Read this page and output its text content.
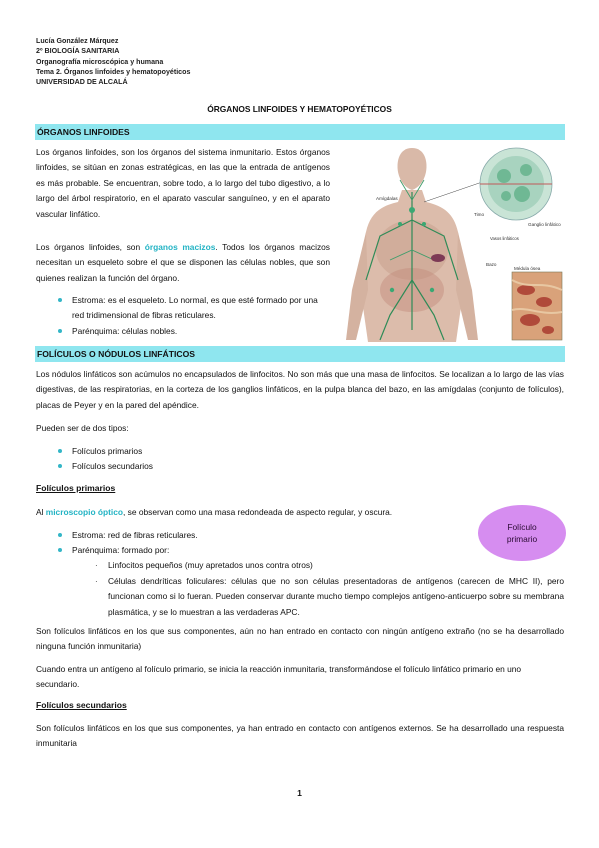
Lucía González Márquez
2º BIOLOGÍA SANITARIA
Organografía microscópica y humana
Tema 2. Órganos linfoides y hematopoyéticos
UNIVERSIDAD DE ALCALÁ
ÓRGANOS LINFOIDES Y HEMATOPOYÉTICOS
ÓRGANOS LINFOIDES
Los órganos linfoides, son los órganos del sistema inmunitario. Estos órganos linfoides, se sitúan en zonas estratégicas, en las que la entrada de antígenos es más probable. Se encuentran, sobre todo, a lo largo del tubo digestivo, a lo largo del árbol respiratorio, en el aparato vascular sanguíneo, y en el aparato vascular linfático.
Los órganos linfoides, son órganos macizos. Todos los órganos macizos necesitan un esqueleto sobre el que se disponen las células nobles, que son quienes realizan la función del órgano.
Estroma: es el esqueleto. Lo normal, es que esté formado por una red tridimensional de fibras reticulares.
Parénquima: células nobles.
Amígdalas
Timo
Ganglio linfático
Vasos linfáticos
Bazo
Médula ósea
FOLÍCULOS O NÓDULOS LINFÁTICOS
Los nódulos linfáticos son acúmulos no encapsulados de linfocitos. No son más que una masa de linfocitos. Se localizan a lo largo de las vías digestivas, de las respiratorias, en la corteza de los ganglios linfáticos, en la pulpa blanca del bazo, en las amígdalas (conjunto de folículos), placas de Peyer y en la pared del apéndice.
Pueden ser de dos tipos:
Folículos primarios
Folículos secundarios
Folículos primarios
Al microscopio óptico, se observan como una masa redondeada de aspecto regular, y oscura.
Folículo
primario
Estroma: red de fibras reticulares.
Parénquima: formado por:
· Linfocitos pequeños (muy apretados unos contra otros)
· Células dendríticas foliculares: células que no son células presentadoras de antígenos (carecen de MHC II), pero funcionan como si lo fueran. Pueden conservar durante mucho tiempo complejos antígeno-anticuerpo sobre su membrana plasmática, y se lo muestran a las verdaderas APC.
Son folículos linfáticos en los que sus componentes, aún no han entrado en contacto con ningún antígeno extraño (no se ha desarrollado ninguna función inmunitaria)
Cuando entra un antígeno al folículo primario, se inicia la reacción inmunitaria, transformándose el folículo linfático primario en uno secundario.
Folículos secundarios
Son folículos linfáticos en los que sus componentes, ya han entrado en contacto con antígenos externos. Se ha desarrollado una respuesta inmunitaria
1
